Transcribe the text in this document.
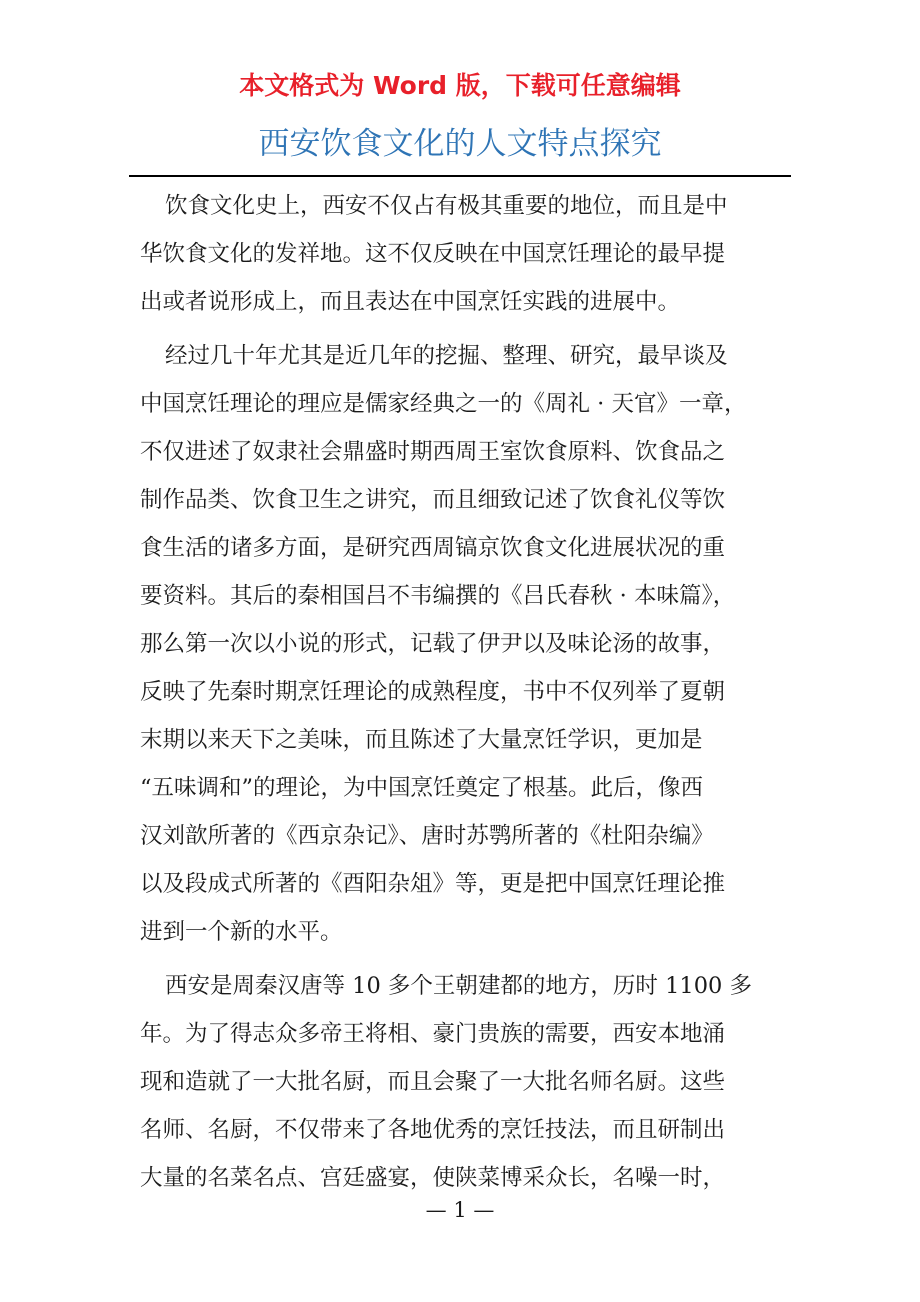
本文格式为 Word 版，下载可任意编辑
西安饮食文化的人文特点探究
饮食文化史上，西安不仅占有极其重要的地位，而且是中
华饮食文化的发祥地。这不仅反映在中国烹饪理论的最早提
出或者说形成上，而且表达在中国烹饪实践的进展中。
经过几十年尤其是近几年的挖掘、整理、研究，最早谈及
中国烹饪理论的理应是儒家经典之一的《周礼 · 天官》一章，
不仅进述了奴隶社会鼎盛时期西周王室饮食原料、饮食品之
制作品类、饮食卫生之讲究，而且细致记述了饮食礼仪等饮
食生活的诸多方面，是研究西周镐京饮食文化进展状况的重
要资料。其后的秦相国吕不韦编撰的《吕氏春秋 · 本味篇》，
那么第一次以小说的形式，记载了伊尹以及味论汤的故事，
反映了先秦时期烹饪理论的成熟程度，书中不仅列举了夏朝
末期以来天下之美味，而且陈述了大量烹饪学识，更加是
“五味调和”的理论，为中国烹饪奠定了根基。此后，像西
汉刘歆所著的《西京杂记》、唐时苏鹗所著的《杜阳杂编》
以及段成式所著的《酉阳杂俎》等，更是把中国烹饪理论推
进到一个新的水平。
西安是周秦汉唐等 10 多个王朝建都的地方，历时 1100 多
年。为了得志众多帝王将相、豪门贵族的需要，西安本地涌
现和造就了一大批名厨，而且会聚了一大批名师名厨。这些
名师、名厨，不仅带来了各地优秀的烹饪技法，而且研制出
大量的名菜名点、宫廷盛宴，使陕菜博采众长，名噪一时，
— 1 —
